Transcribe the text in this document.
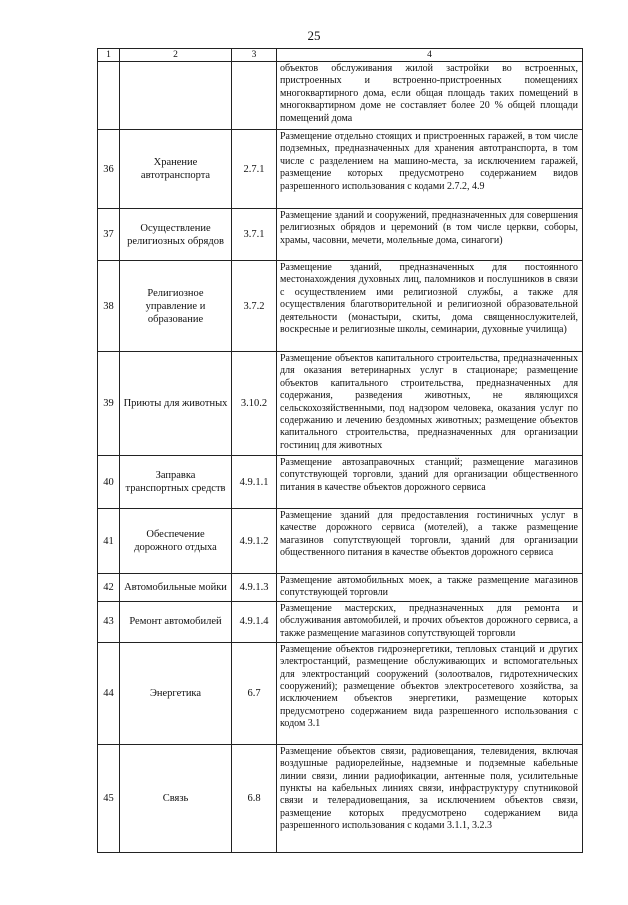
25
1	2	3	4
			объектов обслуживания жилой застройки во встроенных, пристроенных и встроенно-пристроенных помещениях многоквартирного дома, если общая площадь таких помещений в многоквартирном доме не составляет более 20 % общей площади помещений дома
36	Хранение автотранспорта	2.7.1	Размещение отдельно стоящих и пристроенных гаражей, в том числе подземных, предназначенных для хранения автотранспорта, в том числе с разделением на машино-места, за исключением гаражей, размещение которых предусмотрено содержанием видов разрешенного использования с кодами 2.7.2, 4.9
37	Осуществление религиозных обрядов	3.7.1	Размещение зданий и сооружений, предназначенных для совершения религиозных обрядов и церемоний (в том числе церкви, соборы, храмы, часовни, мечети, молельные дома, синагоги)
38	Религиозное управление и образование	3.7.2	Размещение зданий, предназначенных для постоянного местонахождения духовных лиц, паломников и послушников в связи с осуществлением ими религиозной службы, а также для осуществления благотворительной и религиозной образовательной деятельности (монастыри, скиты, дома священнослужителей, воскресные и религиозные школы, семинарии, духовные училища)
39	Приюты для животных	3.10.2	Размещение объектов капитального строительства, предназначенных для оказания ветеринарных услуг в стационаре; размещение объектов капитального строительства, предназначенных для содержания, разведения животных, не являющихся сельскохозяйственными, под надзором человека, оказания услуг по содержанию и лечению бездомных животных; размещение объектов капитального строительства, предназначенных для организации гостиниц для животных
40	Заправка транспортных средств	4.9.1.1	Размещение автозаправочных станций; размещение магазинов сопутствующей торговли, зданий для организации общественного питания в качестве объектов дорожного сервиса
41	Обеспечение дорожного отдыха	4.9.1.2	Размещение зданий для предоставления гостиничных услуг в качестве дорожного сервиса (мотелей), а также размещение магазинов сопутствующей торговли, зданий для организации общественного питания в качестве объектов дорожного сервиса
42	Автомобильные мойки	4.9.1.3	Размещение автомобильных моек, а также размещение магазинов сопутствующей торговли
43	Ремонт автомобилей	4.9.1.4	Размещение мастерских, предназначенных для ремонта и обслуживания автомобилей, и прочих объектов дорожного сервиса, а также размещение магазинов сопутствующей торговли
44	Энергетика	6.7	Размещение объектов гидроэнергетики, тепловых станций и других электростанций, размещение обслуживающих и вспомогательных для электростанций сооружений (золоотвалов, гидротехнических сооружений); размещение объектов электросетевого хозяйства, за исключением объектов энергетики, размещение которых предусмотрено содержанием вида разрешенного использования с кодом 3.1
45	Связь	6.8	Размещение объектов связи, радиовещания, телевидения, включая воздушные радиорелейные, надземные и подземные кабельные линии связи, линии радиофикации, антенные поля, усилительные пункты на кабельных линиях связи, инфраструктуру спутниковой связи и телерадиовещания, за исключением объектов связи, размещение которых предусмотрено содержанием вида разрешенного использования с кодами 3.1.1, 3.2.3
